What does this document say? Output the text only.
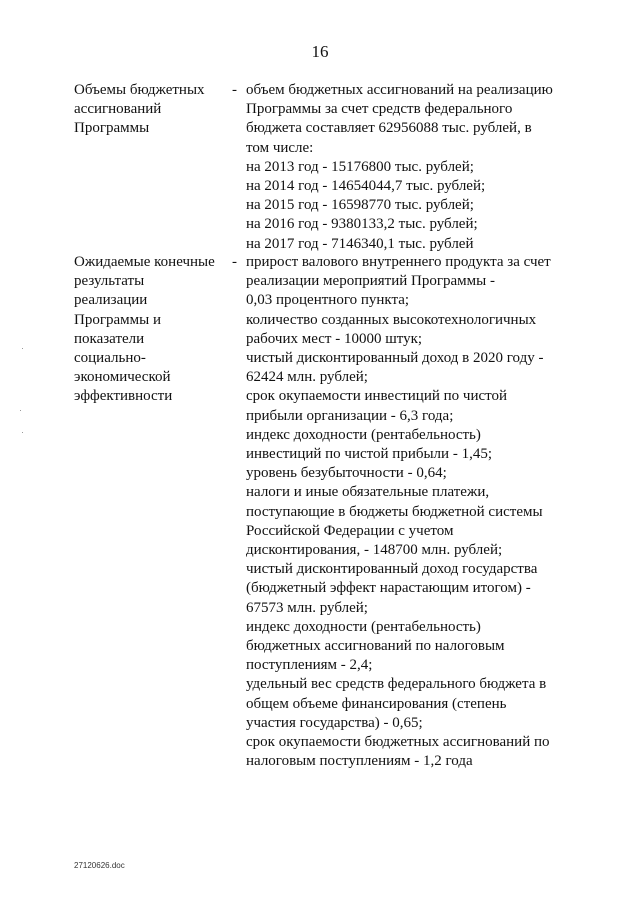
16
Объемы бюджетных
ассигнований
Программы
- объем бюджетных ассигнований на реализацию
Программы за счет средств федерального
бюджета составляет 62956088 тыс. рублей, в
том числе:
на 2013 год - 15176800 тыс. рублей;
на 2014 год - 14654044,7 тыс. рублей;
на 2015 год - 16598770 тыс. рублей;
на 2016 год - 9380133,2 тыс. рублей;
на 2017 год - 7146340,1 тыс. рублей
Ожидаемые конечные
результаты
реализации
Программы и
показатели
социально-
экономической
эффективности
- прирост валового внутреннего продукта за счет
реализации мероприятий Программы -
0,03 процентного пункта;
количество созданных высокотехнологичных
рабочих мест - 10000 штук;
чистый дисконтированный доход в 2020 году -
62424 млн. рублей;
срок окупаемости инвестиций по чистой
прибыли организации - 6,3 года;
индекс доходности (рентабельность)
инвестиций по чистой прибыли - 1,45;
уровень безубыточности - 0,64;
налоги и иные обязательные платежи,
поступающие в бюджеты бюджетной системы
Российской Федерации с учетом
дисконтирования, - 148700 млн. рублей;
чистый дисконтированный доход государства
(бюджетный эффект нарастающим итогом) -
67573 млн. рублей;
индекс доходности (рентабельность)
бюджетных ассигнований по налоговым
поступлениям - 2,4;
удельный вес средств федерального бюджета в
общем объеме финансирования (степень
участия государства) - 0,65;
срок окупаемости бюджетных ассигнований по
налоговым поступлениям - 1,2 года
27120626.doc
